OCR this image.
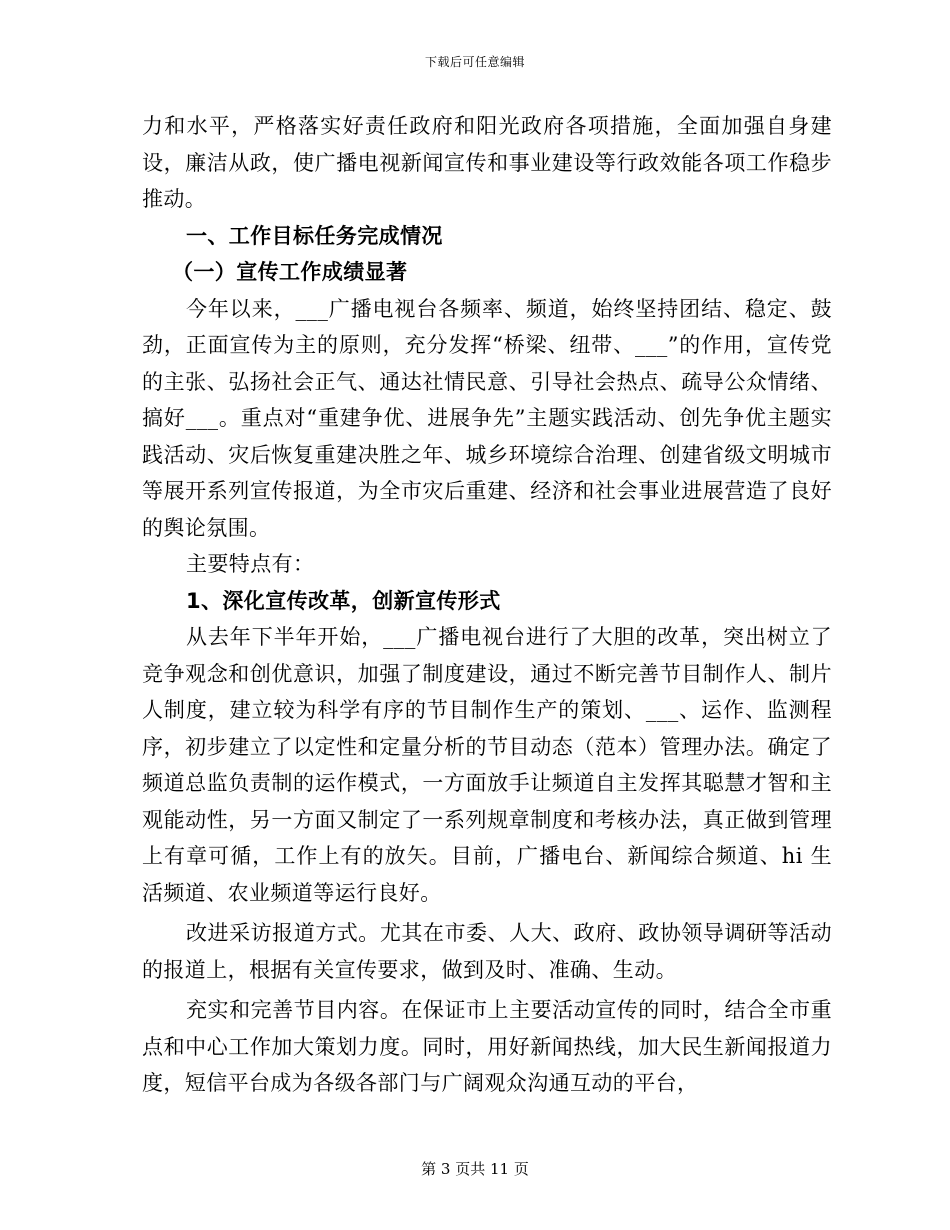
下载后可任意编辑

力和水平，严格落实好责任政府和阳光政府各项措施，全面加强自身建设，廉洁从政，使广播电视新闻宣传和事业建设等行政效能各项工作稳步推动。

一、工作目标任务完成情况

（一）宣传工作成绩显著

今年以来，___广播电视台各频率、频道，始终坚持团结、稳定、鼓劲，正面宣传为主的原则，充分发挥“桥梁、纽带、___”的作用，宣传党的主张、弘扬社会正气、通达社情民意、引导社会热点、疏导公众情绪、搞好___。重点对“重建争优、进展争先”主题实践活动、创先争优主题实践活动、灾后恢复重建决胜之年、城乡环境综合治理、创建省级文明城市等展开系列宣传报道，为全市灾后重建、经济和社会事业进展营造了良好的舆论氛围。

主要特点有：

1、深化宣传改革，创新宣传形式

从去年下半年开始，___广播电视台进行了大胆的改革，突出树立了竞争观念和创优意识，加强了制度建设，通过不断完善节目制作人、制片人制度，建立较为科学有序的节目制作生产的策划、___、运作、监测程序，初步建立了以定性和定量分析的节目动态（范本）管理办法。确定了频道总监负责制的运作模式，一方面放手让频道自主发挥其聪慧才智和主观能动性，另一方面又制定了一系列规章制度和考核办法，真正做到管理上有章可循，工作上有的放矢。目前，广播电台、新闻综合频道、hi 生活频道、农业频道等运行良好。

改进采访报道方式。尤其在市委、人大、政府、政协领导调研等活动的报道上，根据有关宣传要求，做到及时、准确、生动。

充实和完善节目内容。在保证市上主要活动宣传的同时，结合全市重点和中心工作加大策划力度。同时，用好新闻热线，加大民生新闻报道力度，短信平台成为各级各部门与广阔观众沟通互动的平台，

第 3 页共 11 页
